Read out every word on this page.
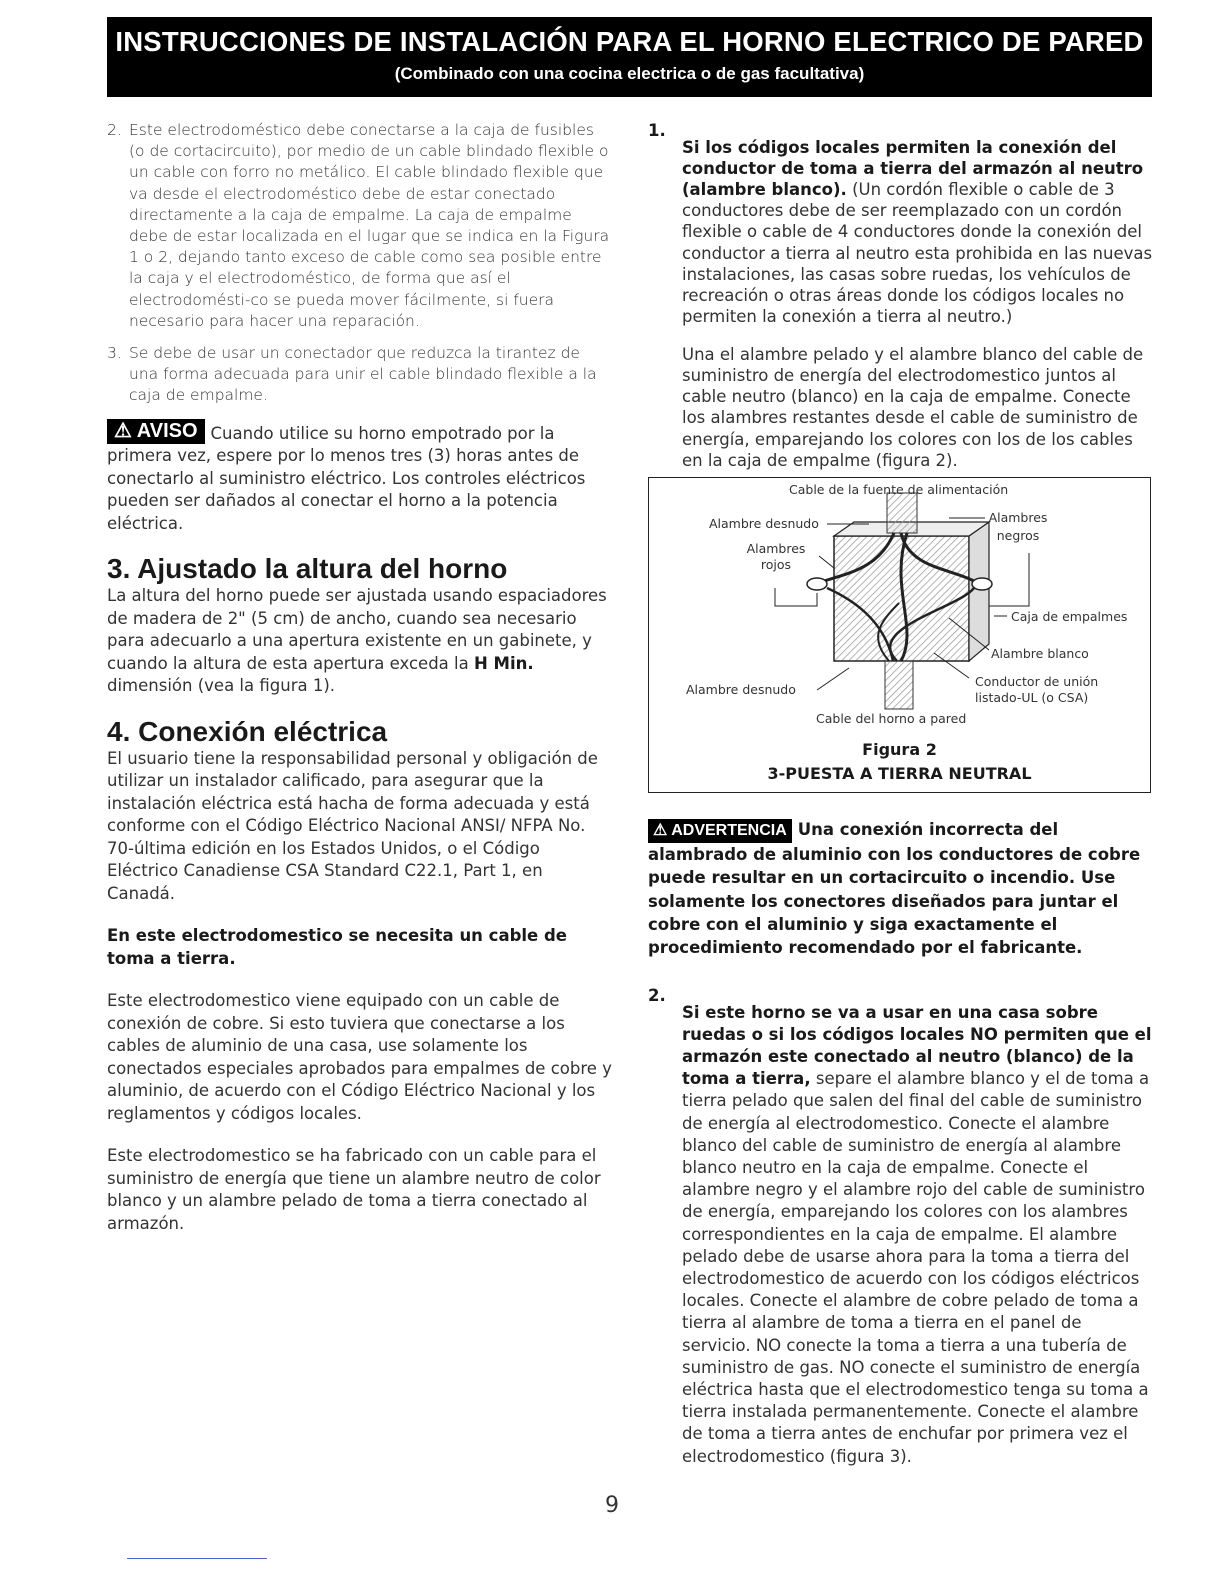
INSTRUCCIONES DE INSTALACIÓN PARA EL HORNO ELECTRICO DE PARED
(Combinado con una cocina electrica o de gas facultativa)
2. Este electrodoméstico debe conectarse a la caja de fusibles (o de cortacircuito), por medio de un cable blindado flexible o un cable con forro no metálico. El cable blindado flexible que va desde el electrodoméstico debe de estar conectado directamente a la caja de empalme. La caja de empalme debe de estar localizada en el lugar que se indica en la Figura 1 o 2, dejando tanto exceso de cable como sea posible entre la caja y el electrodoméstico, de forma que así el electrodomésti-co se pueda mover fácilmente, si fuera necesario para hacer una reparación.

3. Se debe de usar un conectador que reduzca la tirantez de una forma adecuada para unir el cable blindado flexible a la caja de empalme.

⚠ AVISO Cuando utilice su horno empotrado por la primera vez, espere por lo menos tres (3) horas antes de conectarlo al suministro eléctrico. Los controles eléctricos pueden ser dañados al conectar el horno a la potencia eléctrica.

3. Ajustado la altura del horno

La altura del horno puede ser ajustada usando espaciadores de madera de 2" (5 cm) de ancho, cuando sea necesario para adecuarlo a una apertura existente en un gabinete, y cuando la altura de esta apertura exceda la H Min. dimensión (vea la figura 1).

4. Conexión eléctrica

El usuario tiene la responsabilidad personal y obligación de utilizar un instalador calificado, para asegurar que la instalación eléctrica está hacha de forma adecuada y está conforme con el Código Eléctrico Nacional ANSI/ NFPA No. 70-última edición en los Estados Unidos, o el Código Eléctrico Canadiense CSA Standard C22.1, Part 1, en Canadá.

En este electrodomestico se necesita un cable de toma a tierra.

Este electrodomestico viene equipado con un cable de conexión de cobre. Si esto tuviera que conectarse a los cables de aluminio de una casa, use solamente los conectados especiales aprobados para empalmes de cobre y aluminio, de acuerdo con el Código Eléctrico Nacional y los reglamentos y códigos locales.

Este electrodomestico se ha fabricado con un cable para el suministro de energía que tiene un alambre neutro de color blanco y un alambre pelado de toma a tierra conectado al armazón.

1.

Si los códigos locales permiten la conexión del conductor de toma a tierra del armazón al neutro (alambre blanco). (Un cordón flexible o cable de 3 conductores debe de ser reemplazado con un cordón flexible o cable de 4 conductores donde la conexión del conductor a tierra al neutro esta prohibida en las nuevas instalaciones, las casas sobre ruedas, los vehículos de recreación o otras áreas donde los códigos locales no permiten la conexión a tierra al neutro.)

Una el alambre pelado y el alambre blanco del cable de suministro de energía del electrodomestico juntos al cable neutro (blanco) en la caja de empalme. Conecte los alambres restantes desde el cable de suministro de energía, emparejando los colores con los de los cables en la caja de empalme (figura 2).

Cable de la fuente de alimentación
Alambre desnudo
Alambres rojos
Alambres negros
Caja de empalmes
Alambre blanco
Conductor de unión
listado-UL (o CSA)
Alambre desnudo
Cable del horno a pared
Figura 2
3-PUESTA A TIERRA NEUTRAL
⚠ ADVERTENCIA Una conexión incorrecta del alambrado de aluminio con los conductores de cobre puede resultar en un cortacircuito o incendio. Use solamente los conectores diseñados para juntar el cobre con el aluminio y siga exactamente el procedimiento recomendado por el fabricante.
2.

Si este horno se va a usar en una casa sobre ruedas o si los códigos locales NO permiten que el armazón este conectado al neutro (blanco) de la toma a tierra, separe el alambre blanco y el de toma a tierra pelado que salen del final del cable de suministro de energía al electrodomestico. Conecte el alambre blanco del cable de suministro de energía al alambre blanco neutro en la caja de empalme. Conecte el alambre negro y el alambre rojo del cable de suministro de energía, emparejando los colores con los alambres correspondientes en la caja de empalme. El alambre pelado debe de usarse ahora para la toma a tierra del electrodomestico de acuerdo con los códigos eléctricos locales. Conecte el alambre de cobre pelado de toma a tierra al alambre de toma a tierra en el panel de servicio. NO conecte la toma a tierra a una tubería de suministro de gas. NO conecte el suministro de energía eléctrica hasta que el electrodomestico tenga su toma a tierra instalada permanentemente. Conecte el alambre de toma a tierra antes de enchufar por primera vez el electrodomestico (figura 3).

9
